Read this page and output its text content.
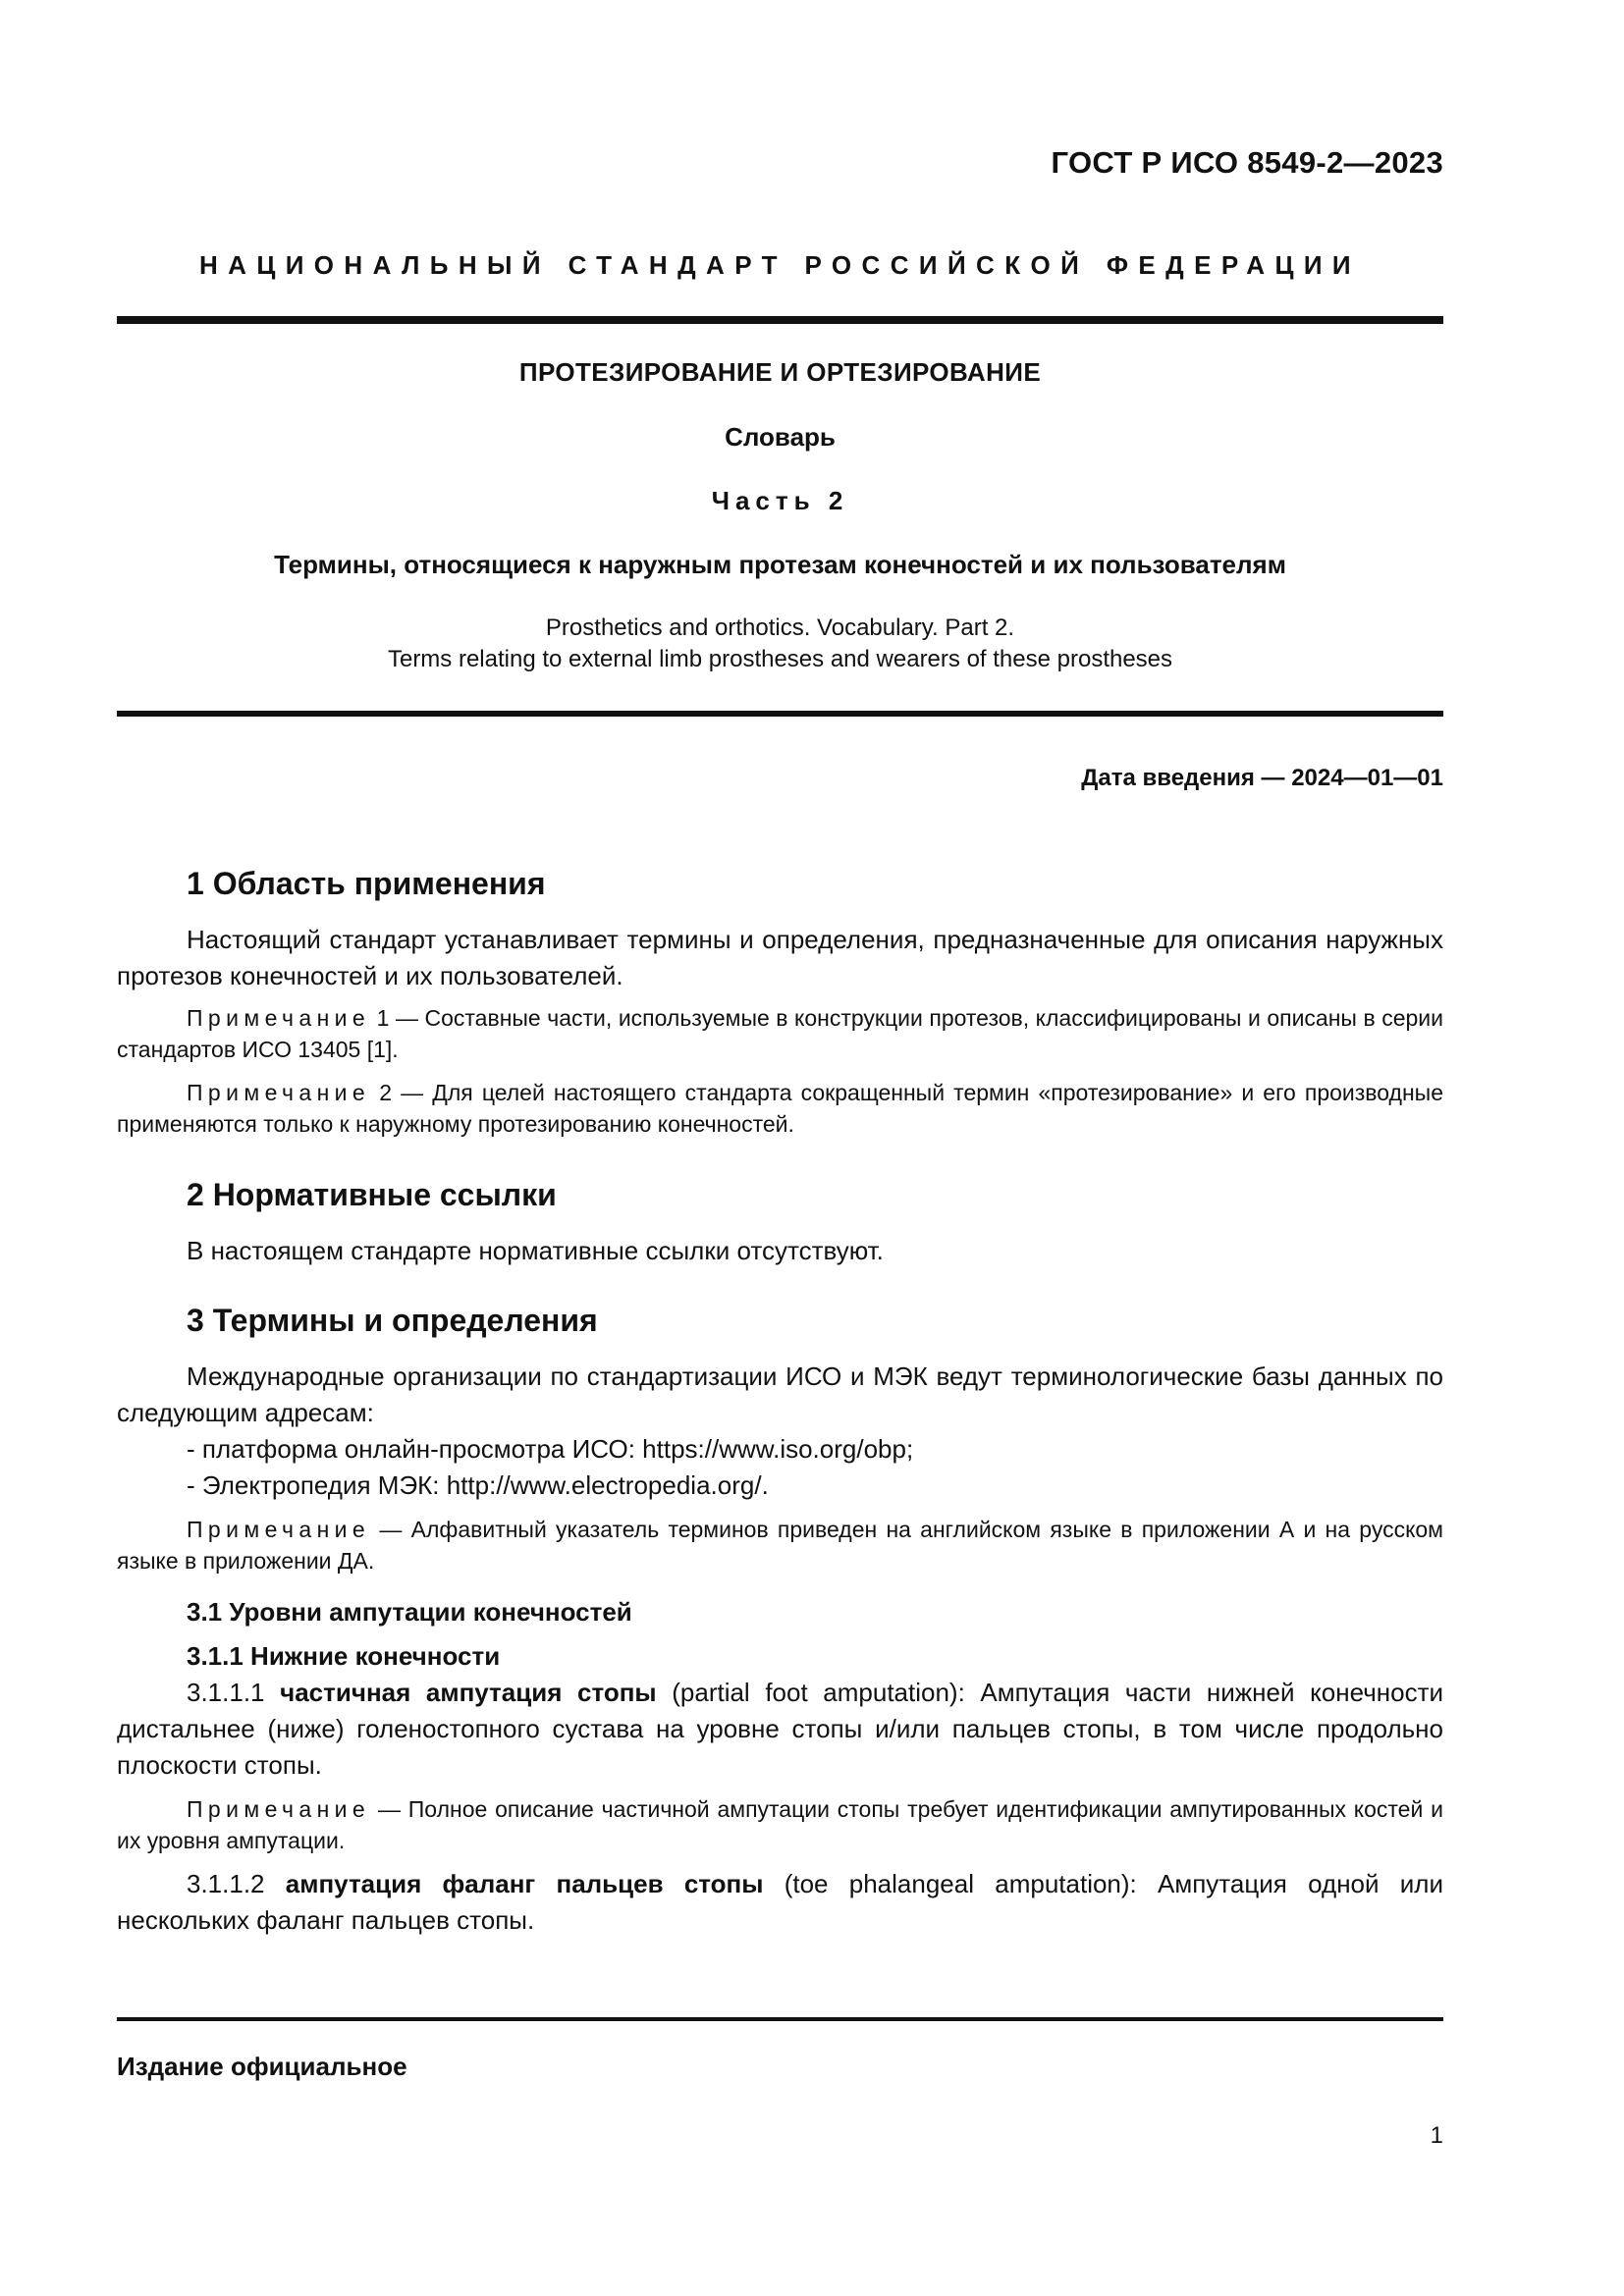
ГОСТ Р ИСО 8549-2—2023
НАЦИОНАЛЬНЫЙ СТАНДАРТ РОССИЙСКОЙ ФЕДЕРАЦИИ
ПРОТЕЗИРОВАНИЕ И ОРТЕЗИРОВАНИЕ
Словарь
Часть 2
Термины, относящиеся к наружным протезам конечностей и их пользователям
Prosthetics and orthotics. Vocabulary. Part 2.
Terms relating to external limb prostheses and wearers of these prostheses
Дата введения — 2024—01—01
1 Область применения

Настоящий стандарт устанавливает термины и определения, предназначенные для описания наружных протезов конечностей и их пользователей.

Примечание 1 — Составные части, используемые в конструкции протезов, классифицированы и описаны в серии стандартов ИСО 13405 [1].

Примечание 2 — Для целей настоящего стандарта сокращенный термин «протезирование» и его производные применяются только к наружному протезированию конечностей.

2 Нормативные ссылки

В настоящем стандарте нормативные ссылки отсутствуют.

3 Термины и определения

Международные организации по стандартизации ИСО и МЭК ведут терминологические базы данных по следующим адресам:

- платформа онлайн-просмотра ИСО: https://www.iso.org/obp;

- Электропедия МЭК: http://www.electropedia.org/.

Примечание — Алфавитный указатель терминов приведен на английском языке в приложении А и на русском языке в приложении ДА.

3.1 Уровни ампутации конечностей

3.1.1 Нижние конечности

3.1.1.1 частичная ампутация стопы (partial foot amputation): Ампутация части нижней конечности дистальнее (ниже) голеностопного сустава на уровне стопы и/или пальцев стопы, в том числе продольно плоскости стопы.

Примечание — Полное описание частичной ампутации стопы требует идентификации ампутированных костей и их уровня ампутации.

3.1.1.2 ампутация фаланг пальцев стопы (toe phalangeal amputation): Ампутация одной или нескольких фаланг пальцев стопы.

Издание официальное
1
